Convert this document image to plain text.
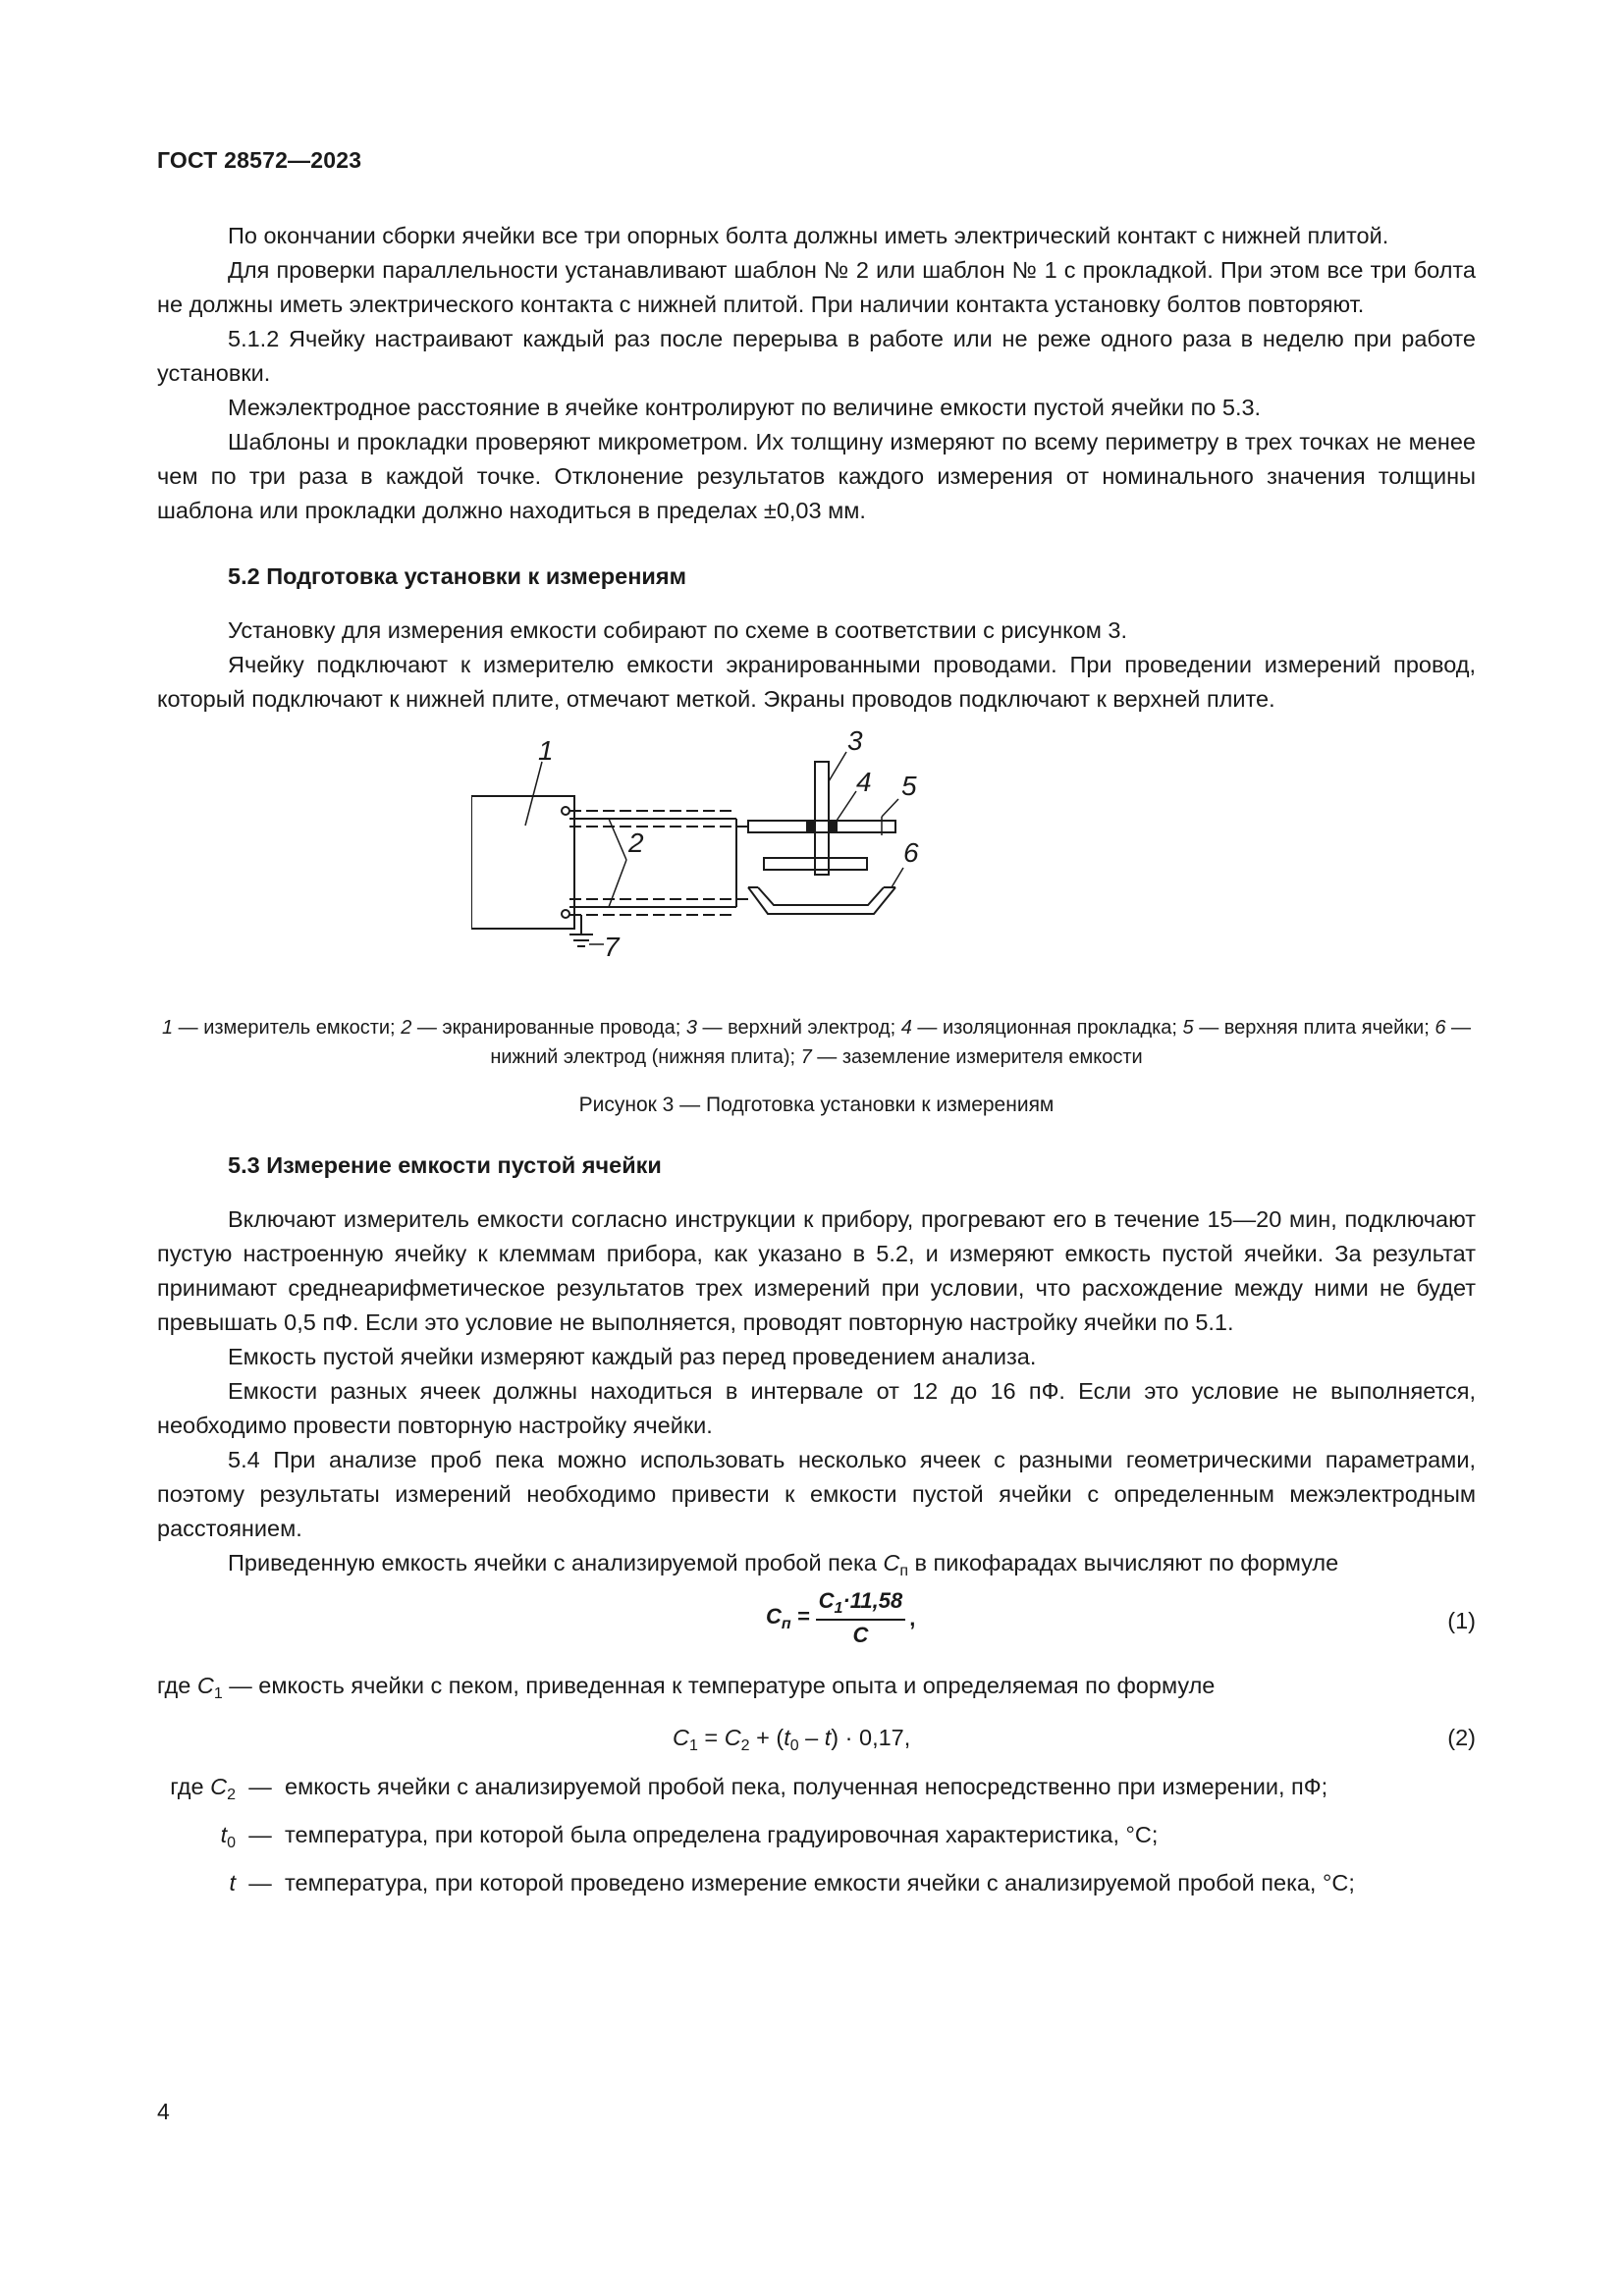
ГОСТ 28572—2023

По окончании сборки ячейки все три опорных болта должны иметь электрический контакт с нижней плитой.

Для проверки параллельности устанавливают шаблон № 2 или шаблон № 1 с прокладкой. При этом все три болта не должны иметь электрического контакта с нижней плитой. При наличии контакта установку болтов повторяют.

5.1.2 Ячейку настраивают каждый раз после перерыва в работе или не реже одного раза в неделю при работе установки.

Межэлектродное расстояние в ячейке контролируют по величине емкости пустой ячейки по 5.3.

Шаблоны и прокладки проверяют микрометром. Их толщину измеряют по всему периметру в трех точках не менее чем по три раза в каждой точке. Отклонение результатов каждого измерения от номинального значения толщины шаблона или прокладки должно находиться в пределах ±0,03 мм.

5.2 Подготовка установки к измерениям

Установку для измерения емкости собирают по схеме в соответствии с рисунком 3.

Ячейку подключают к измерителю емкости экранированными проводами. При проведении измерений провод, который подключают к нижней плите, отмечают меткой. Экраны проводов подключают к верхней плите.

1
2
3
4 5
6
7
1 — измеритель емкости; 2 — экранированные провода; 3 — верхний электрод; 4 — изоляционная прокладка; 5 — верхняя плита ячейки; 6 —нижний электрод (нижняя плита); 7 — заземление измерителя емкости
Рисунок 3 — Подготовка установки к измерениям
5.3 Измерение емкости пустой ячейки

Включают измеритель емкости согласно инструкции к прибору, прогревают его в течение 15—20 мин, подключают пустую настроенную ячейку к клеммам прибора, как указано в 5.2, и измеряют емкость пустой ячейки. За результат принимают среднеарифметическое результатов трех измерений при условии, что расхождение между ними не будет превышать 0,5 пФ. Если это условие не выполняется, проводят повторную настройку ячейки по 5.1.

Емкость пустой ячейки измеряют каждый раз перед проведением анализа.

Емкости разных ячеек должны находиться в интервале от 12 до 16 пФ. Если это условие не выполняется, необходимо провести повторную настройку ячейки.

5.4 При анализе проб пека можно использовать несколько ячеек с разными геометрическими параметрами, поэтому результаты измерений необходимо привести к емкости пустой ячейки с определенным межэлектродным расстоянием.

Приведенную емкость ячейки с анализируемой пробой пека $C_п$ в пикофарадах вычисляют по формуле

$C_п = \frac{C_1\cdot 11,58}{C}$ ,	(1)
где $C_1$ — емкость ячейки с пеком, приведенная к температуре опыта и определяемая по формуле
$C_1 = C_2 + (t_0 - t) \cdot 0,17$,	(2)
где $C_2$ — емкость ячейки с анализируемой пробой пека, полученная непосредственно при измерении, пФ;
$t_0$ — температура, при которой была определена градуировочная характеристика, °С;
t — температура, при которой проведено измерение емкости ячейки с анализируемой пробой пека, °С;
4
